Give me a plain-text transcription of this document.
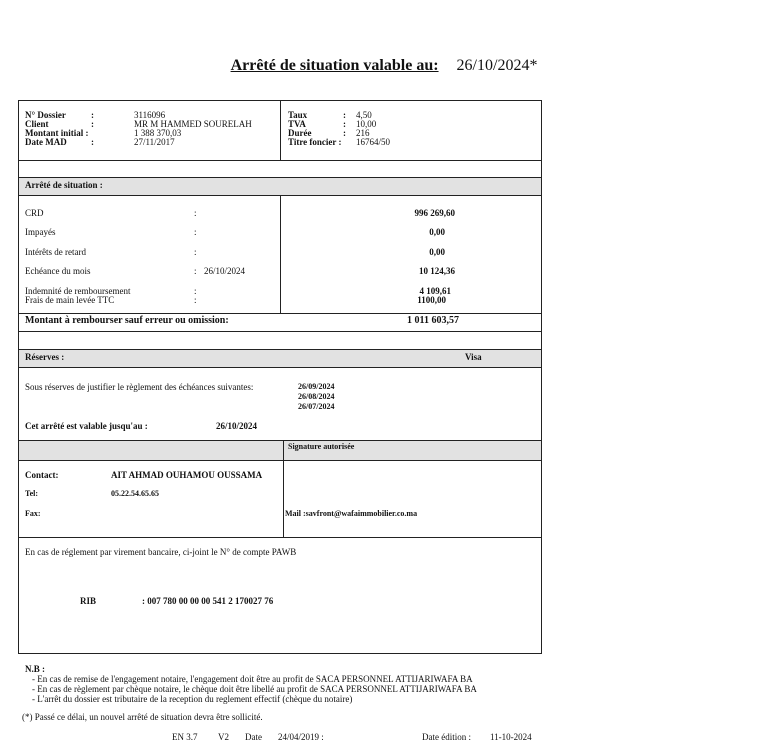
Arrêté de situation valable au: 26/10/2024*
N° Dossier	:	3116096
Client	:	MR M HAMMED SOURELAH
Montant initial :	1 388 370,03
Date MAD	:	27/11/2017
Taux	: 4,50
TVA	: 10,00
Durée	: 216
Titre foncier : 16764/50
Arrêté de situation :
CRD	:	996 269,60
Impayés	:	0,00
Intérêts de retard	:	0,00
Echéance du mois	: 26/10/2024	10 124,36
Indemnité de remboursement	:	4 109,61
Frais de main levée TTC	:	1100,00
Montant à rembourser sauf erreur ou omission:	1 011 603,57
Réserves :	Visa
Sous réserves de justifier le règlement des échéances suivantes:	26/09/2024
26/08/2024
26/07/2024
Cet arrêté est valable jusqu'au :	26/10/2024
Signature autorisée
Contact:	AIT AHMAD OUHAMOU OUSSAMA
Tel:	05.22.54.65.65
Fax:	Mail :savfront@wafaimmobilier.co.ma
En cas de réglement par virement bancaire, ci-joint le N° de compte PAWB
RIB	: 007 780 00 00 00 541 2 170027 76
N.B :
- En cas de remise de l'engagement notaire, l'engagement doit être au profit de SACA PERSONNEL ATTIJARIWAFA BA
- En cas de règlement par chèque notaire, le chèque doit être libellé au profit de SACA PERSONNEL ATTIJARIWAFA BA
- L'arrêt du dossier est tributaire de la reception du reglement effectif (chèque du notaire)
(*) Passé ce délai, un nouvel arrêté de situation devra être sollicité.
EN 3.7 V2 Date 24/04/2019 :	Date édition : 11-10-2024
